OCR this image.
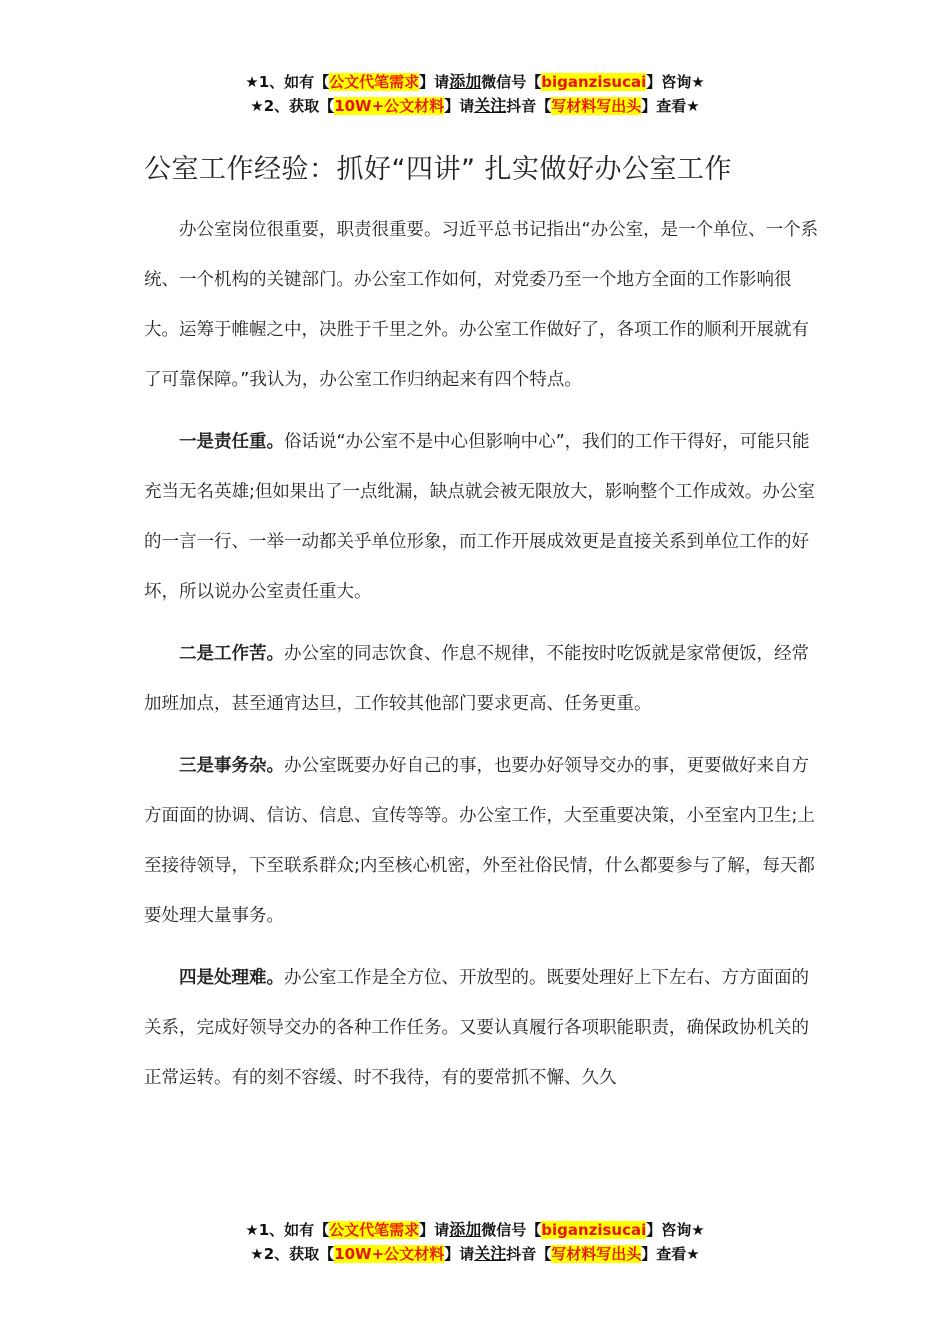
★1、如有【公文代笔需求】请添加微信号【biganzisucai】咨询★
★2、获取【10W+公文材料】请关注抖音【写材料写出头】查看★
公室工作经验：抓好“四讲” 扎实做好办公室工作

办公室岗位很重要，职责很重要。习近平总书记指出“办公室，是一个单位、一个系统、一个机构的关键部门。办公室工作如何，对党委乃至一个地方全面的工作影响很大。运筹于帷幄之中，决胜于千里之外。办公室工作做好了，各项工作的顺利开展就有了可靠保障。”我认为，办公室工作归纳起来有四个特点。

一是责任重。俗话说“办公室不是中心但影响中心”，我们的工作干得好，可能只能充当无名英雄;但如果出了一点纰漏，缺点就会被无限放大，影响整个工作成效。办公室的一言一行、一举一动都关乎单位形象，而工作开展成效更是直接关系到单位工作的好坏，所以说办公室责任重大。

二是工作苦。办公室的同志饮食、作息不规律，不能按时吃饭就是家常便饭，经常加班加点，甚至通宵达旦，工作较其他部门要求更高、任务更重。

三是事务杂。办公室既要办好自己的事，也要办好领导交办的事，更要做好来自方方面面的协调、信访、信息、宣传等等。办公室工作，大至重要决策，小至室内卫生;上至接待领导，下至联系群众;内至核心机密，外至社俗民情，什么都要参与了解，每天都要处理大量事务。

四是处理难。办公室工作是全方位、开放型的。既要处理好上下左右、方方面面的关系，完成好领导交办的各种工作任务。又要认真履行各项职能职责，确保政协机关的正常运转。有的刻不容缓、时不我待，有的要常抓不懈、久久

★1、如有【公文代笔需求】请添加微信号【biganzisucai】咨询★
★2、获取【10W+公文材料】请关注抖音【写材料写出头】查看★
